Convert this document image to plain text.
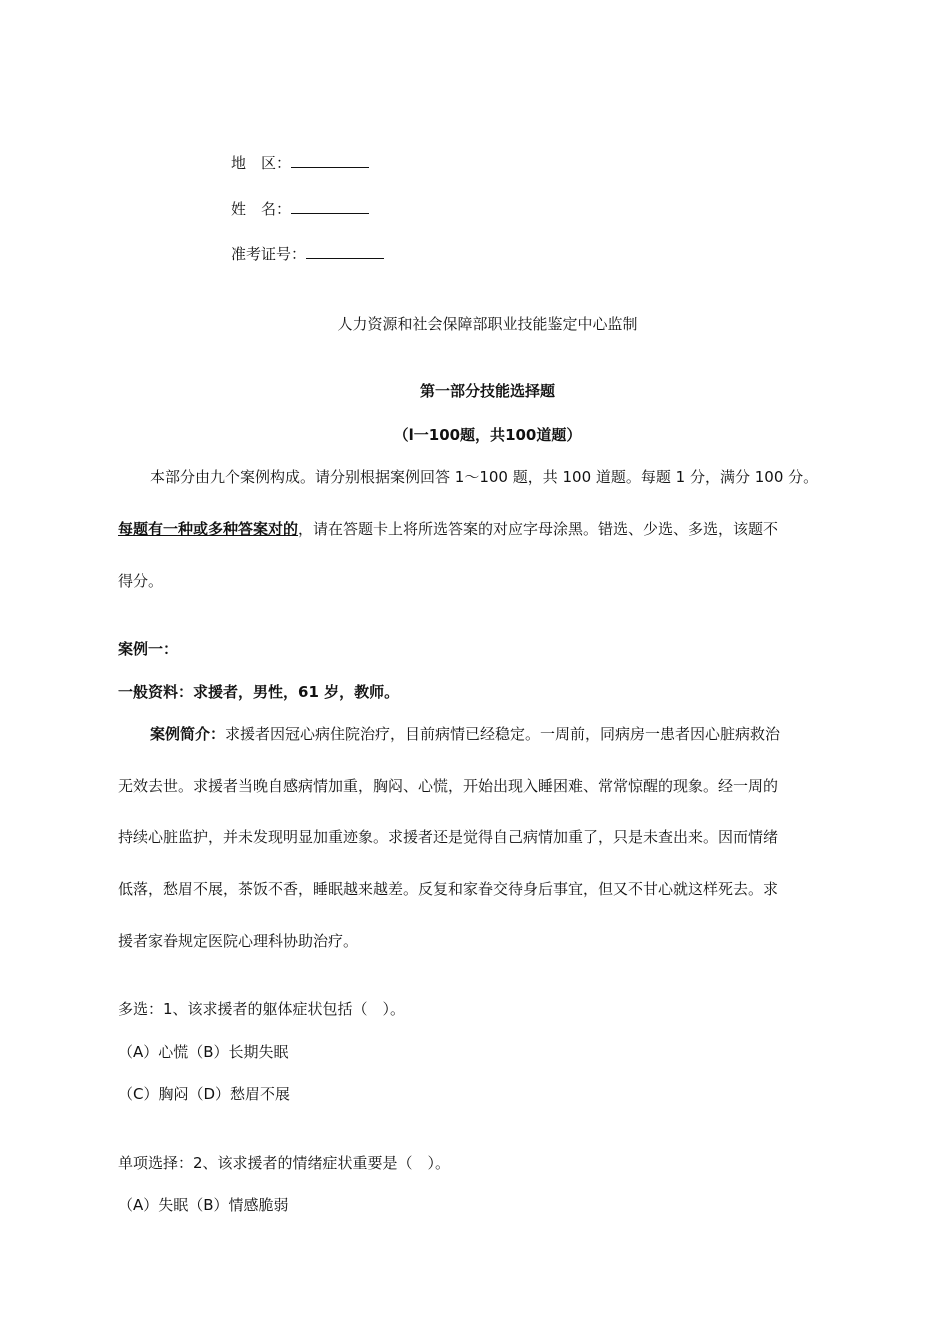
地　区：
姓　名：
准考证号：
人力资源和社会保障部职业技能鉴定中心监制
第一部分技能选择题
（l一100题，共100道题）
本部分由九个案例构成。请分别根据案例回答 1～100 题，共 100 道题。每题 1 分，满分 100 分。
每题有一种或多种答案对的，请在答题卡上将所选答案的对应字母涂黑。错选、少选、多选，该题不
得分。
案例一：
一般资料：求援者，男性，61 岁，教师。
案例简介：求援者因冠心病住院治疗，目前病情已经稳定。一周前，同病房一患者因心脏病救治
无效去世。求援者当晚自感病情加重，胸闷、心慌，开始出现入睡困难、常常惊醒的现象。经一周的
持续心脏监护，并未发现明显加重迹象。求援者还是觉得自己病情加重了，只是未查出来。因而情绪
低落，愁眉不展，茶饭不香，睡眠越来越差。反复和家眷交待身后事宜，但又不甘心就这样死去。求
援者家眷规定医院心理科协助治疗。
多选：1、该求援者的躯体症状包括（　）。
（A）心慌（B）长期失眠
（C）胸闷（D）愁眉不展
单项选择：2、该求援者的情绪症状重要是（　）。
（A）失眠（B）情感脆弱
